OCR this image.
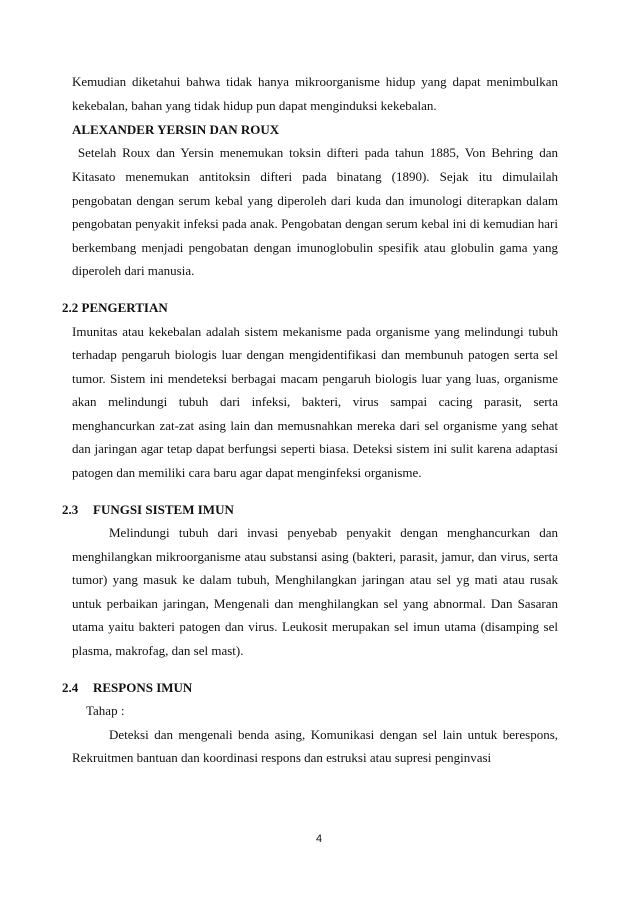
Kemudian diketahui bahwa tidak hanya mikroorganisme hidup yang dapat menimbulkan
kekebalan, bahan yang tidak hidup pun dapat menginduksi kekebalan.
ALEXANDER YERSIN DAN ROUX
Setelah Roux dan Yersin menemukan toksin difteri pada tahun 1885, Von Behring dan
Kitasato menemukan antitoksin difteri pada binatang (1890). Sejak itu dimulailah
pengobatan dengan serum kebal yang diperoleh dari kuda dan imunologi diterapkan dalam
pengobatan penyakit infeksi pada anak. Pengobatan dengan serum kebal ini di kemudian hari
berkembang menjadi pengobatan dengan imunoglobulin spesifik atau globulin gama yang
diperoleh dari manusia.
2.2 PENGERTIAN
Imunitas atau kekebalan adalah sistem mekanisme pada organisme yang melindungi tubuh
terhadap pengaruh biologis luar dengan mengidentifikasi dan membunuh patogen serta sel
tumor. Sistem ini mendeteksi berbagai macam pengaruh biologis luar yang luas, organisme
akan melindungi tubuh dari infeksi, bakteri, virus sampai cacing parasit, serta
menghancurkan zat-zat asing lain dan memusnahkan mereka dari sel organisme yang sehat
dan jaringan agar tetap dapat berfungsi seperti biasa. Deteksi sistem ini sulit karena adaptasi
patogen dan memiliki cara baru agar dapat menginfeksi organisme.
2.3 FUNGSI SISTEM IMUN
Melindungi tubuh dari invasi penyebab penyakit dengan menghancurkan dan
menghilangkan mikroorganisme atau substansi asing (bakteri, parasit, jamur, dan virus, serta
tumor) yang masuk ke dalam tubuh, Menghilangkan jaringan atau sel yg mati atau rusak
untuk perbaikan jaringan, Mengenali dan menghilangkan sel yang abnormal. Dan Sasaran
utama yaitu bakteri patogen dan virus. Leukosit merupakan sel imun utama (disamping sel
plasma, makrofag, dan sel mast).
2.4 RESPONS IMUN
Tahap :
Deteksi dan mengenali benda asing, Komunikasi dengan sel lain untuk berespons,
Rekruitmen bantuan dan koordinasi respons dan estruksi atau supresi penginvasi
4
